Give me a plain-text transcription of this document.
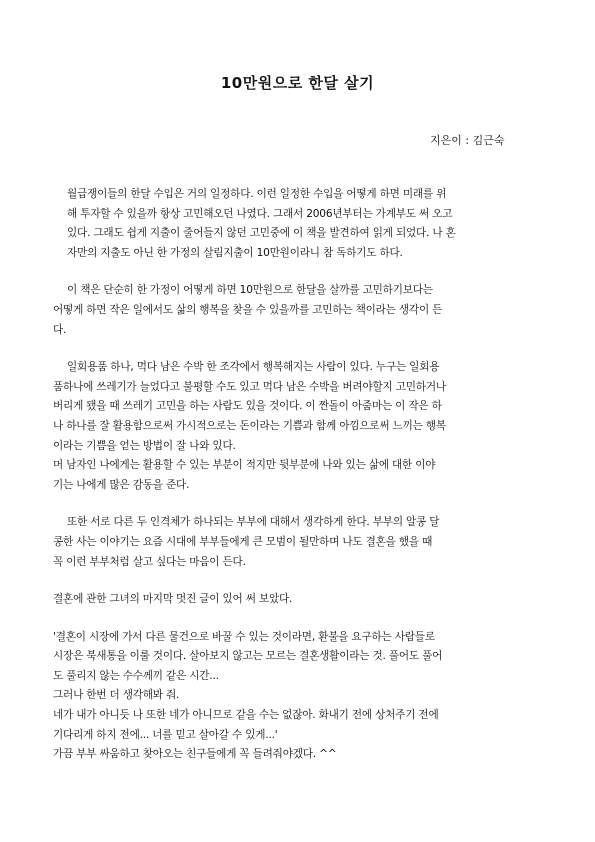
10만원으로 한달 살기
지은이 : 김근숙

월급쟁이들의 한달 수입은 거의 일정하다. 이런 일정한 수입을 어떻게 하면 미래를 위
해 투자할 수 있을까 항상 고민해오던 나였다. 그래서 2006년부터는 가계부도 써 오고
있다. 그래도 쉽게 지출이 줄어들지 않던 고민중에 이 책을 발견하여 읽게 되었다. 나 혼
자만의 지출도 아닌 한 가정의 살림지출이 10만원이라니 참 독하기도 하다.

이 책은 단순히 한 가정이 어떻게 하면 10만원으로 한달을 살까를 고민하기보다는
어떻게 하면 작은 일에서도 삶의 행복을 찾을 수 있을까를 고민하는 책이라는 생각이 든
다.

일회용품 하나, 먹다 남은 수박 한 조각에서 행복해지는 사람이 있다. 누구는 일회용
품하나에 쓰레기가 늘었다고 불평할 수도 있고 먹다 남은 수박을 버려야할지 고민하거나
버리게 됐을 때 쓰레기 고민을 하는 사람도 있을 것이다. 이 짠돌이 아줌마는 이 작은 하
나 하나를 잘 활용함으로써 가시적으로는 돈이라는 기쁨과 함께 아낌으로써 느끼는 행복
이라는 기쁨을 얻는 방법이 잘 나와 있다.
머 남자인 나에게는 활용할 수 있는 부분이 적지만 뒷부분에 나와 있는 삶에 대한 이야
기는 나에게 많은 감동을 준다.

또한 서로 다른 두 인격체가 하나되는 부부에 대해서 생각하게 한다. 부부의 알콩 달
콩한 사는 이야기는 요즘 시대에 부부들에게 큰 모범이 될만하며 나도 결혼을 했을 때
꼭 이런 부부처럼 살고 싶다는 마음이 든다.

결혼에 관한 그녀의 마지막 멋진 글이 있어 써 보았다.

'결혼이 시장에 가서 다른 물건으로 바꿀 수 있는 것이라면, 환불을 요구하는 사람들로
시장은 북새통을 이룰 것이다. 살아보지 않고는 모르는 결혼생활이라는 것. 풀어도 풀어
도 풀리지 않는 수수께끼 같은 시간...
그러나 한번 더 생각해봐 줘.
네가 내가 아니듯 나 또한 네가 아니므로 같을 수는 없잖아. 화내기 전에 상처주기 전에
기다리게 하지 전에... 너를 믿고 살아갈 수 있게...'
가끔 부부 싸움하고 찾아오는 친구들에게 꼭 들려줘야겠다. ^^
